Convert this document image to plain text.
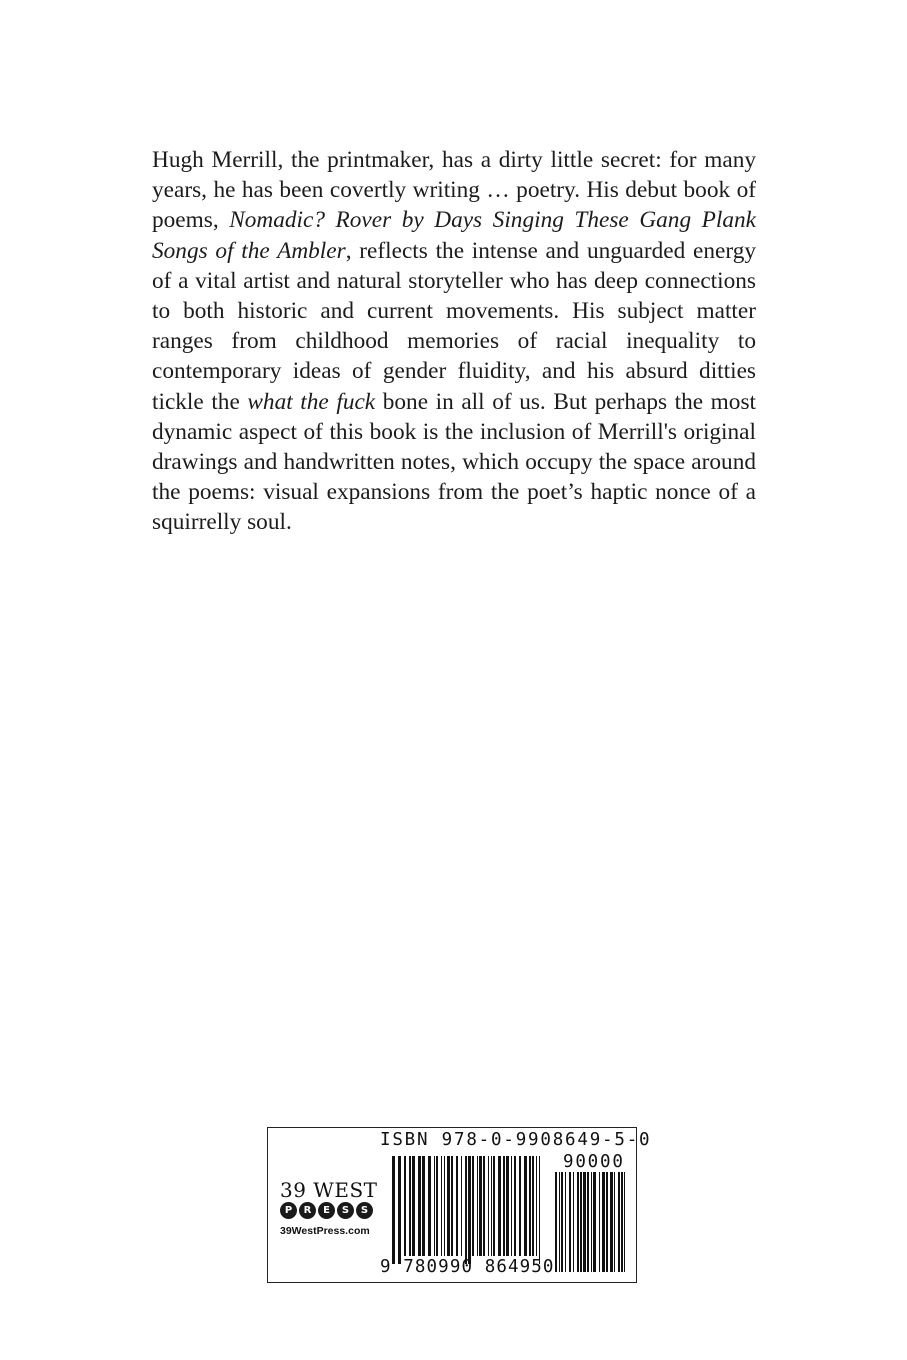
Hugh Merrill, the printmaker, has a dirty little secret: for many years, he has been covertly writing … poetry. His debut book of poems, Nomadic? Rover by Days Singing These Gang Plank Songs of the Ambler, reflects the intense and unguarded energy of a vital artist and natural storyteller who has deep connections to both historic and current movements. His subject matter ranges from childhood memories of racial inequality to contemporary ideas of gender fluidity, and his absurd ditties tickle the what the fuck bone in all of us. But perhaps the most dynamic aspect of this book is the inclusion of Merrill's original drawings and handwritten notes, which occupy the space around the poems: visual expansions from the poet’s haptic nonce of a squirrelly soul.

ISBN 978-0-9908649-5-0
90000
9 780990 864950
39 WEST
P	R	E	S	S
39WestPress.com
